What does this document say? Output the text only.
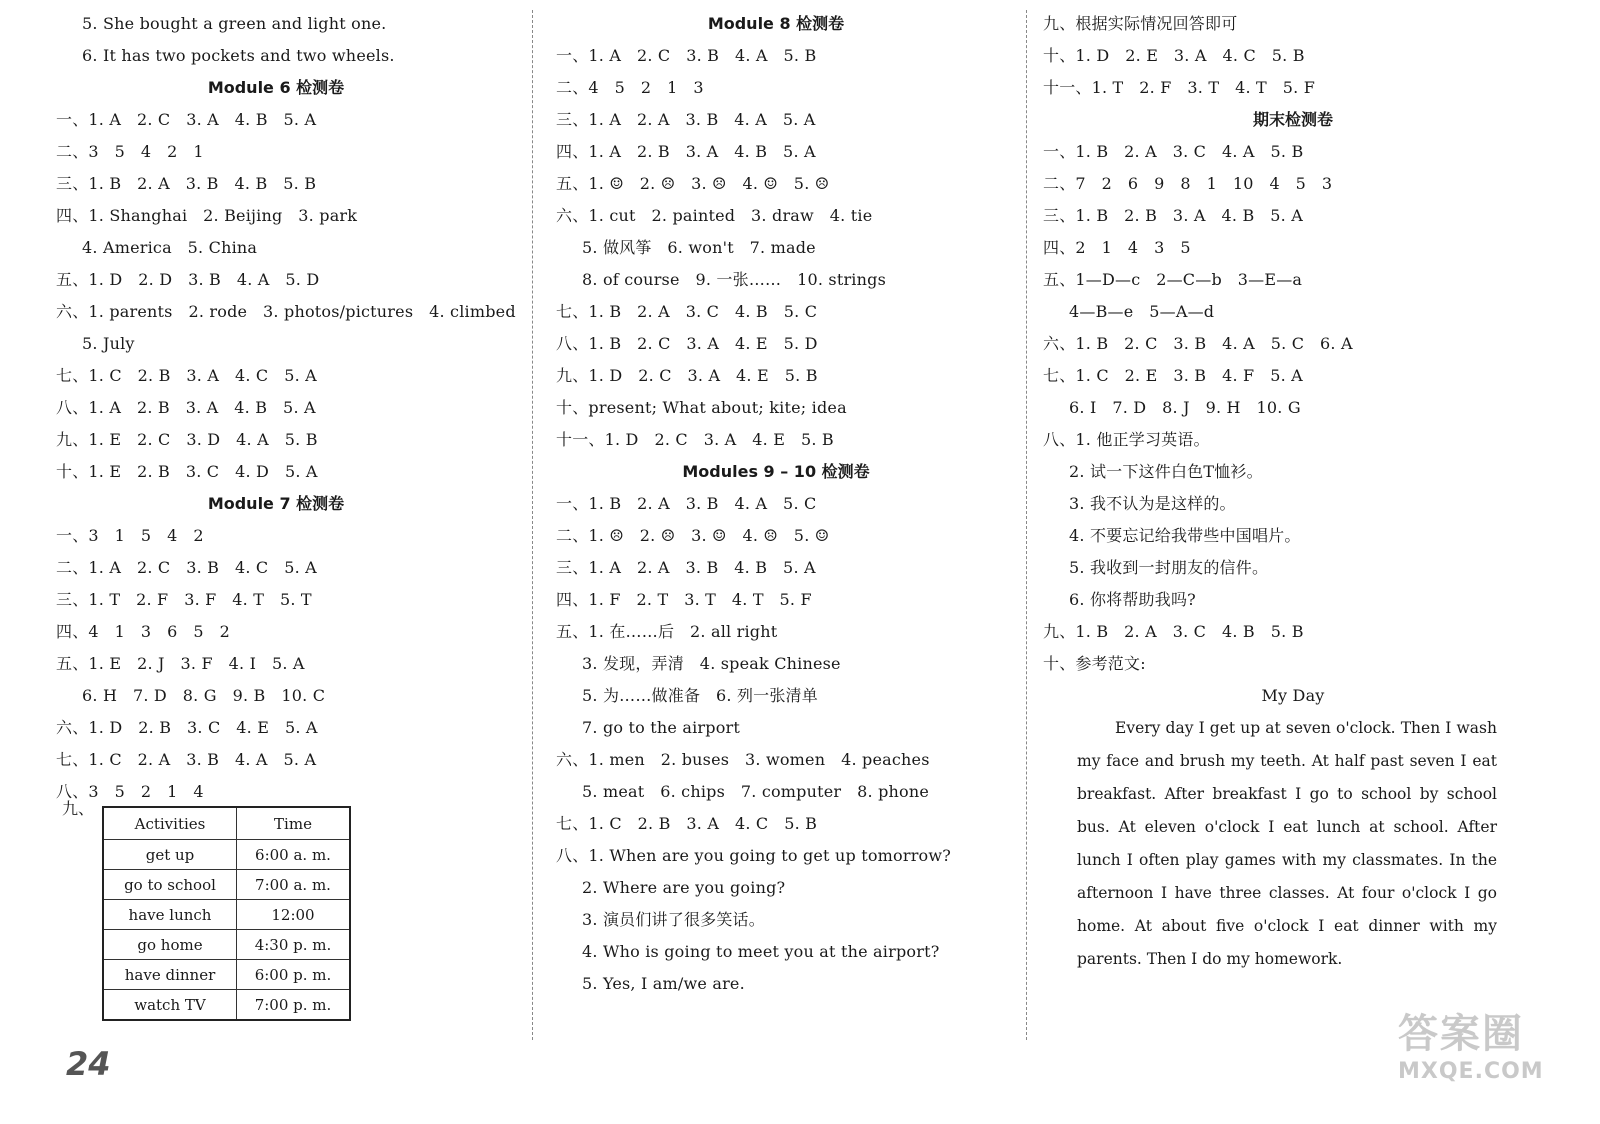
5. She bought a green and light one.
6. It has two pockets and two wheels.
Module 6 检测卷
一、1. A   2. C   3. A   4. B   5. A
二、3   5   4   2   1
三、1. B   2. A   3. B   4. B   5. B
四、1. Shanghai   2. Beijing   3. park
4. America   5. China
五、1. D   2. D   3. B   4. A   5. D
六、1. parents   2. rode   3. photos/pictures   4. climbed
5. July
七、1. C   2. B   3. A   4. C   5. A
八、1. A   2. B   3. A   4. B   5. A
九、1. E   2. C   3. D   4. A   5. B
十、1. E   2. B   3. C   4. D   5. A
Module 7 检测卷
一、3   1   5   4   2
二、1. A   2. C   3. B   4. C   5. A
三、1. T   2. F   3. F   4. T   5. T
四、4   1   3   6   5   2
五、1. E   2. J   3. F   4. I   5. A
6. H   7. D   8. G   9. B   10. C
六、1. D   2. B   3. C   4. E   5. A
七、1. C   2. A   3. B   4. A   5. A
八、3   5   2   1   4
Module 8 检测卷
一、1. A   2. C   3. B   4. A   5. B
二、4   5   2   1   3
三、1. A   2. A   3. B   4. A   5. A
四、1. A   2. B   3. A   4. B   5. A
五、1. ☺   2. ☹   3. ☹   4. ☺   5. ☹
六、1. cut   2. painted   3. draw   4. tie
5. 做风筝   6. won't   7. made
8. of course   9. 一张……   10. strings
七、1. B   2. A   3. C   4. B   5. C
八、1. B   2. C   3. A   4. E   5. D
九、1. D   2. C   3. A   4. E   5. B
十、present; What about; kite; idea
十一、1. D   2. C   3. A   4. E   5. B
Modules 9 – 10 检测卷
一、1. B   2. A   3. B   4. A   5. C
二、1. ☹   2. ☹   3. ☺   4. ☹   5. ☺
三、1. A   2. A   3. B   4. B   5. A
四、1. F   2. T   3. T   4. T   5. F
五、1. 在……后   2. all right
3. 发现，弄清   4. speak Chinese
5. 为……做准备   6. 列一张清单
7. go to the airport
六、1. men   2. buses   3. women   4. peaches
5. meat   6. chips   7. computer   8. phone
七、1. C   2. B   3. A   4. C   5. B
八、1. When are you going to get up tomorrow?
2. Where are you going?
3. 演员们讲了很多笑话。
4. Who is going to meet you at the airport?
5. Yes, I am/we are.
九、根据实际情况回答即可
十、1. D   2. E   3. A   4. C   5. B
十一、1. T   2. F   3. T   4. T   5. F
期末检测卷
一、1. B   2. A   3. C   4. A   5. B
二、7   2   6   9   8   1   10   4   5   3
三、1. B   2. B   3. A   4. B   5. A
四、2   1   4   3   5
五、1—D—c   2—C—b   3—E—a
4—B—e   5—A—d
六、1. B   2. C   3. B   4. A   5. C   6. A
七、1. C   2. E   3. B   4. F   5. A
6. I   7. D   8. J   9. H   10. G
八、1. 他正学习英语。
2. 试一下这件白色T恤衫。
3. 我不认为是这样的。
4. 不要忘记给我带些中国唱片。
5. 我收到一封朋友的信件。
6. 你将帮助我吗?
九、1. B   2. A   3. C   4. B   5. B
十、参考范文:
My Day
Every day I get up at seven o'clock. Then I wash my face and brush my teeth. At half past seven I eat breakfast. After breakfast I go to school by school bus. At eleven o'clock I eat lunch at school. After lunch I often play games with my classmates. In the afternoon I have three classes. At four o'clock I go home. At about five o'clock I eat dinner with my parents. Then I do my homework.
九、
Activities	Time
get up	6:00 a. m.
go to school	7:00 a. m.
have lunch	12:00
go home	4:30 p. m.
have dinner	6:00 p. m.
watch TV	7:00 p. m.
24
答案圈
MXQE.COM
